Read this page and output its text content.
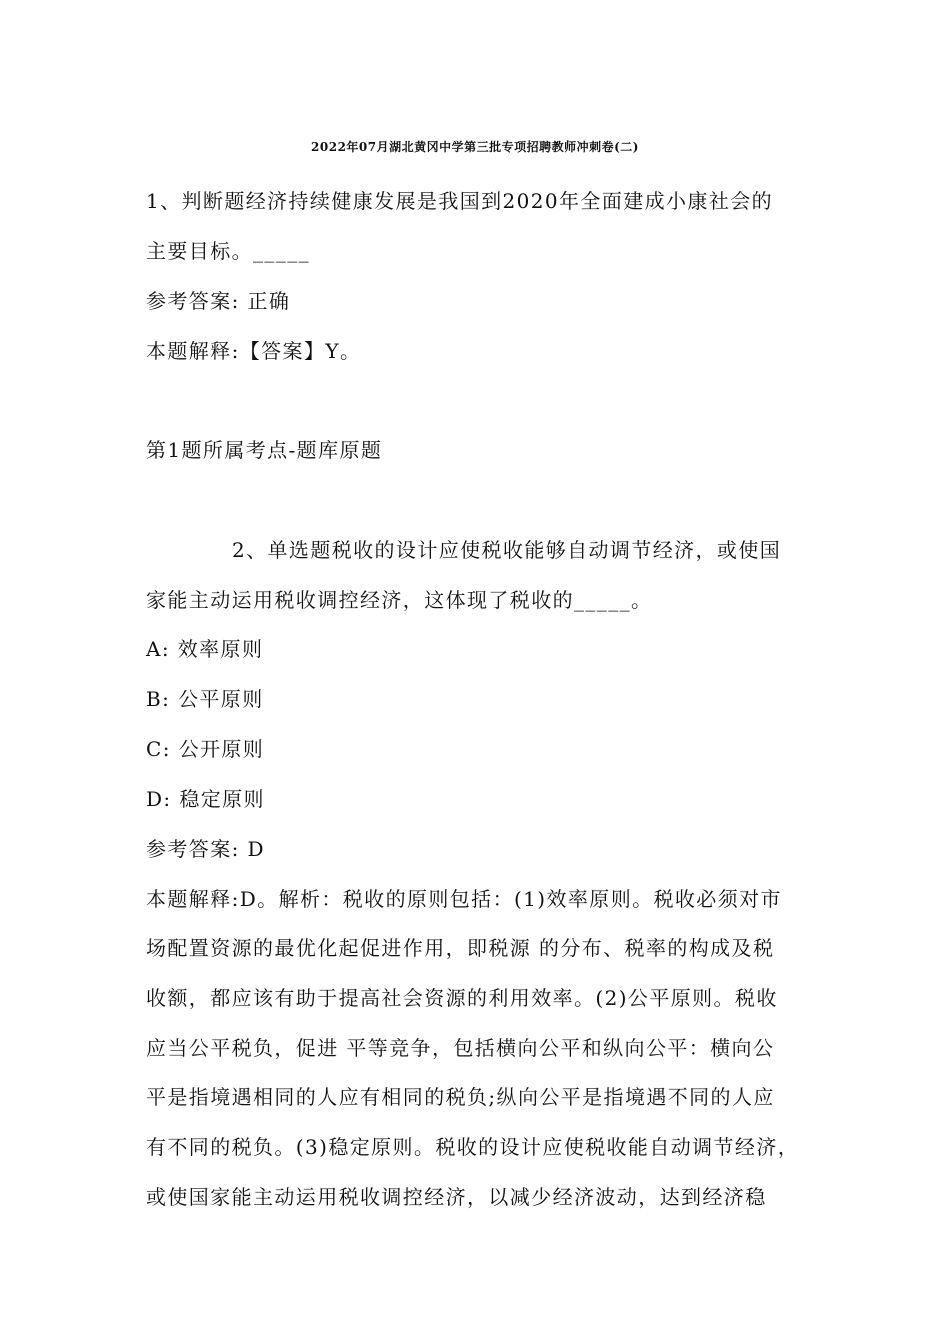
2022年07月湖北黄冈中学第三批专项招聘教师冲刺卷(二)
1、判断题经济持续健康发展是我国到2020年全面建成小康社会的
主要目标。_____
参考答案: 正确
本题解释:【答案】Y。
第1题所属考点-题库原题
2、单选题税收的设计应使税收能够自动调节经济，或使国
家能主动运用税收调控经济，这体现了税收的_____。
A: 效率原则
B: 公平原则
C: 公开原则
D: 稳定原则
参考答案: D
本题解释:D。解析：税收的原则包括：(1)效率原则。税收必须对市
场配置资源的最优化起促进作用，即税源 的分布、税率的构成及税
收额，都应该有助于提高社会资源的利用效率。(2)公平原则。税收
应当公平税负，促进 平等竞争，包括横向公平和纵向公平：横向公
平是指境遇相同的人应有相同的税负;纵向公平是指境遇不同的人应
有不同的税负。(3)稳定原则。税收的设计应使税收能自动调节经济，
或使国家能主动运用税收调控经济，以减少经济波动，达到经济稳
